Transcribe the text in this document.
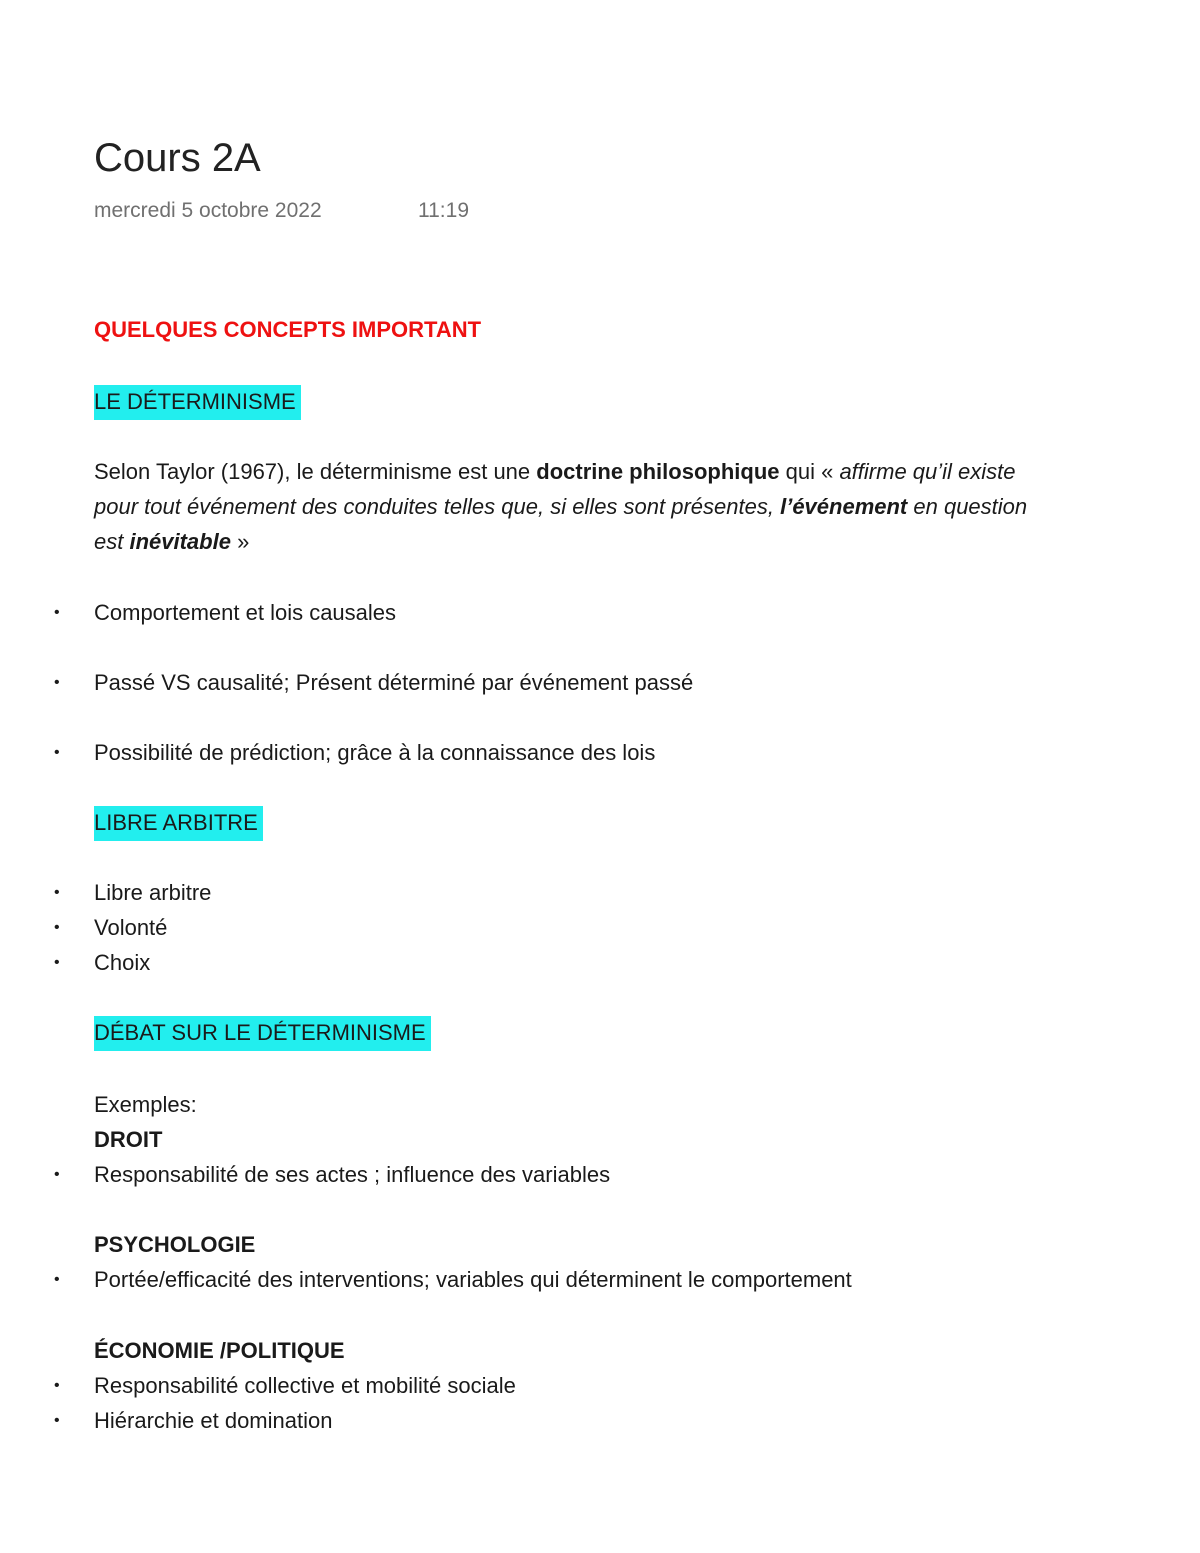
Cours 2A
mercredi 5 octobre 2022	11:19
QUELQUES CONCEPTS IMPORTANT
LE DÉTERMINISME
Selon Taylor (1967), le déterminisme est une doctrine philosophique qui « affirme qu’il existe
pour tout événement des conduites telles que, si elles sont présentes, l’événement en question
est inévitable »
• Comportement et lois causales
• Passé VS causalité; Présent déterminé par événement passé
• Possibilité de prédiction; grâce à la connaissance des lois
LIBRE ARBITRE
• Libre arbitre
• Volonté
• Choix
DÉBAT SUR LE DÉTERMINISME
Exemples:
DROIT
• Responsabilité de ses actes ; influence des variables
PSYCHOLOGIE
• Portée/efficacité des interventions; variables qui déterminent le comportement
ÉCONOMIE /POLITIQUE
• Responsabilité collective et mobilité sociale
• Hiérarchie et domination
